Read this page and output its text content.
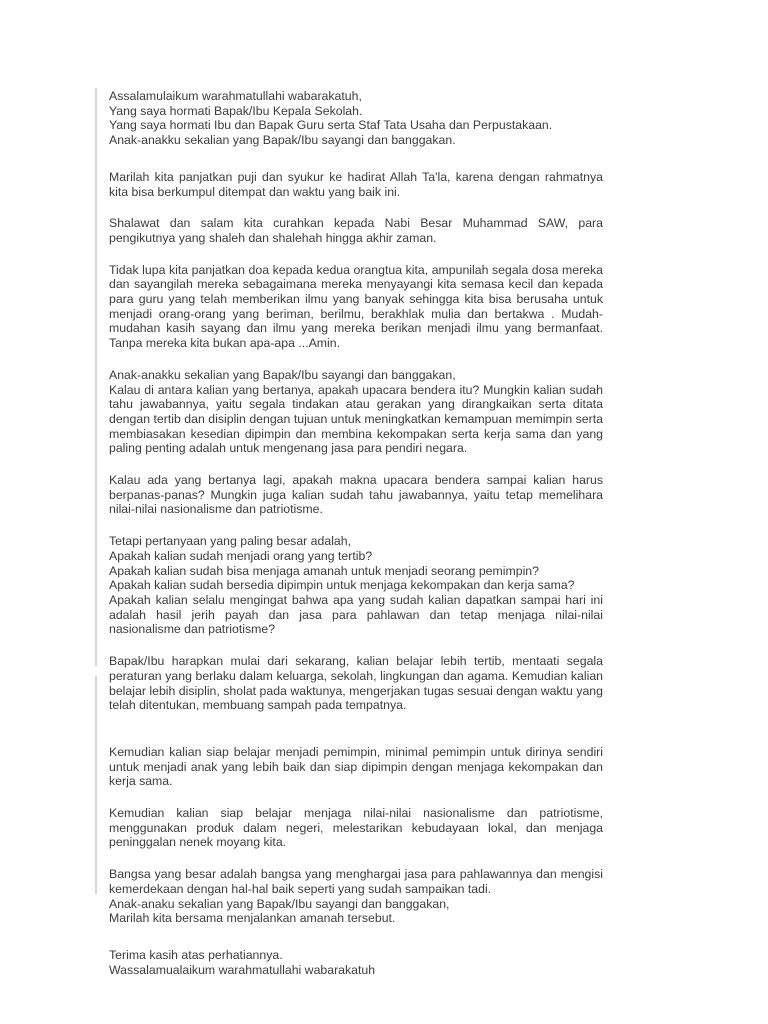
Assalamulaikum warahmatullahi wabarakatuh,
Yang saya hormati Bapak/Ibu Kepala Sekolah.
Yang saya hormati Ibu dan Bapak Guru serta Staf Tata Usaha dan Perpustakaan.
Anak-anakku sekalian yang Bapak/Ibu sayangi dan banggakan.

Marilah kita panjatkan puji dan syukur ke hadirat Allah Ta'la, karena dengan rahmatnya kita bisa berkumpul ditempat dan waktu yang baik ini.

Shalawat dan salam kita curahkan kepada Nabi Besar Muhammad SAW, para pengikutnya yang shaleh dan shalehah hingga akhir zaman.

Tidak lupa kita panjatkan doa kepada kedua orangtua kita, ampunilah segala dosa mereka dan sayangilah mereka sebagaimana mereka menyayangi kita semasa kecil dan kepada para guru yang telah memberikan ilmu yang banyak sehingga kita bisa berusaha untuk menjadi orang-orang yang beriman, berilmu, berakhlak mulia dan bertakwa . Mudah-mudahan kasih sayang dan ilmu yang mereka berikan menjadi ilmu yang bermanfaat. Tanpa mereka kita bukan apa-apa ...Amin.

Anak-anakku sekalian yang Bapak/Ibu sayangi dan banggakan,
Kalau di antara kalian yang bertanya, apakah upacara bendera itu? Mungkin kalian sudah tahu jawabannya, yaitu segala tindakan atau gerakan yang dirangkaikan serta ditata dengan tertib dan disiplin dengan tujuan untuk meningkatkan kemampuan memimpin serta membiasakan kesedian dipimpin dan membina kekompakan serta kerja sama dan yang paling penting adalah untuk mengenang jasa para pendiri negara.

Kalau ada yang bertanya lagi, apakah makna upacara bendera sampai kalian harus berpanas-panas? Mungkin juga kalian sudah tahu jawabannya, yaitu tetap memelihara nilai-nilai nasionalisme dan patriotisme.

Tetapi pertanyaan yang paling besar adalah,
Apakah kalian sudah menjadi orang yang tertib?
Apakah kalian sudah bisa menjaga amanah untuk menjadi seorang pemimpin?
Apakah kalian sudah bersedia dipimpin untuk menjaga kekompakan dan kerja sama?
Apakah kalian selalu mengingat bahwa apa yang sudah kalian dapatkan sampai hari ini adalah hasil jerih payah dan jasa para pahlawan dan tetap menjaga nilai-nilai nasionalisme dan patriotisme?

Bapak/Ibu harapkan mulai dari sekarang, kalian belajar lebih tertib, mentaati segala peraturan yang berlaku dalam keluarga, sekolah, lingkungan dan agama. Kemudian kalian belajar lebih disiplin, sholat pada waktunya, mengerjakan tugas sesuai dengan waktu yang telah ditentukan, membuang sampah pada tempatnya.

Kemudian kalian siap belajar menjadi pemimpin, minimal pemimpin untuk dirinya sendiri untuk menjadi anak yang lebih baik dan siap dipimpin dengan menjaga kekompakan dan kerja sama.

Kemudian kalian siap belajar menjaga nilai-nilai nasionalisme dan patriotisme, menggunakan produk dalam negeri, melestarikan kebudayaan lokal, dan menjaga peninggalan nenek moyang kita.

Bangsa yang besar adalah bangsa yang menghargai jasa para pahlawannya dan mengisi kemerdekaan dengan hal-hal baik seperti yang sudah sampaikan tadi.
Anak-anaku sekalian yang Bapak/Ibu sayangi dan banggakan,
Marilah kita bersama menjalankan amanah tersebut.

Terima kasih atas perhatiannya.
Wassalamualaikum warahmatullahi wabarakatuh
